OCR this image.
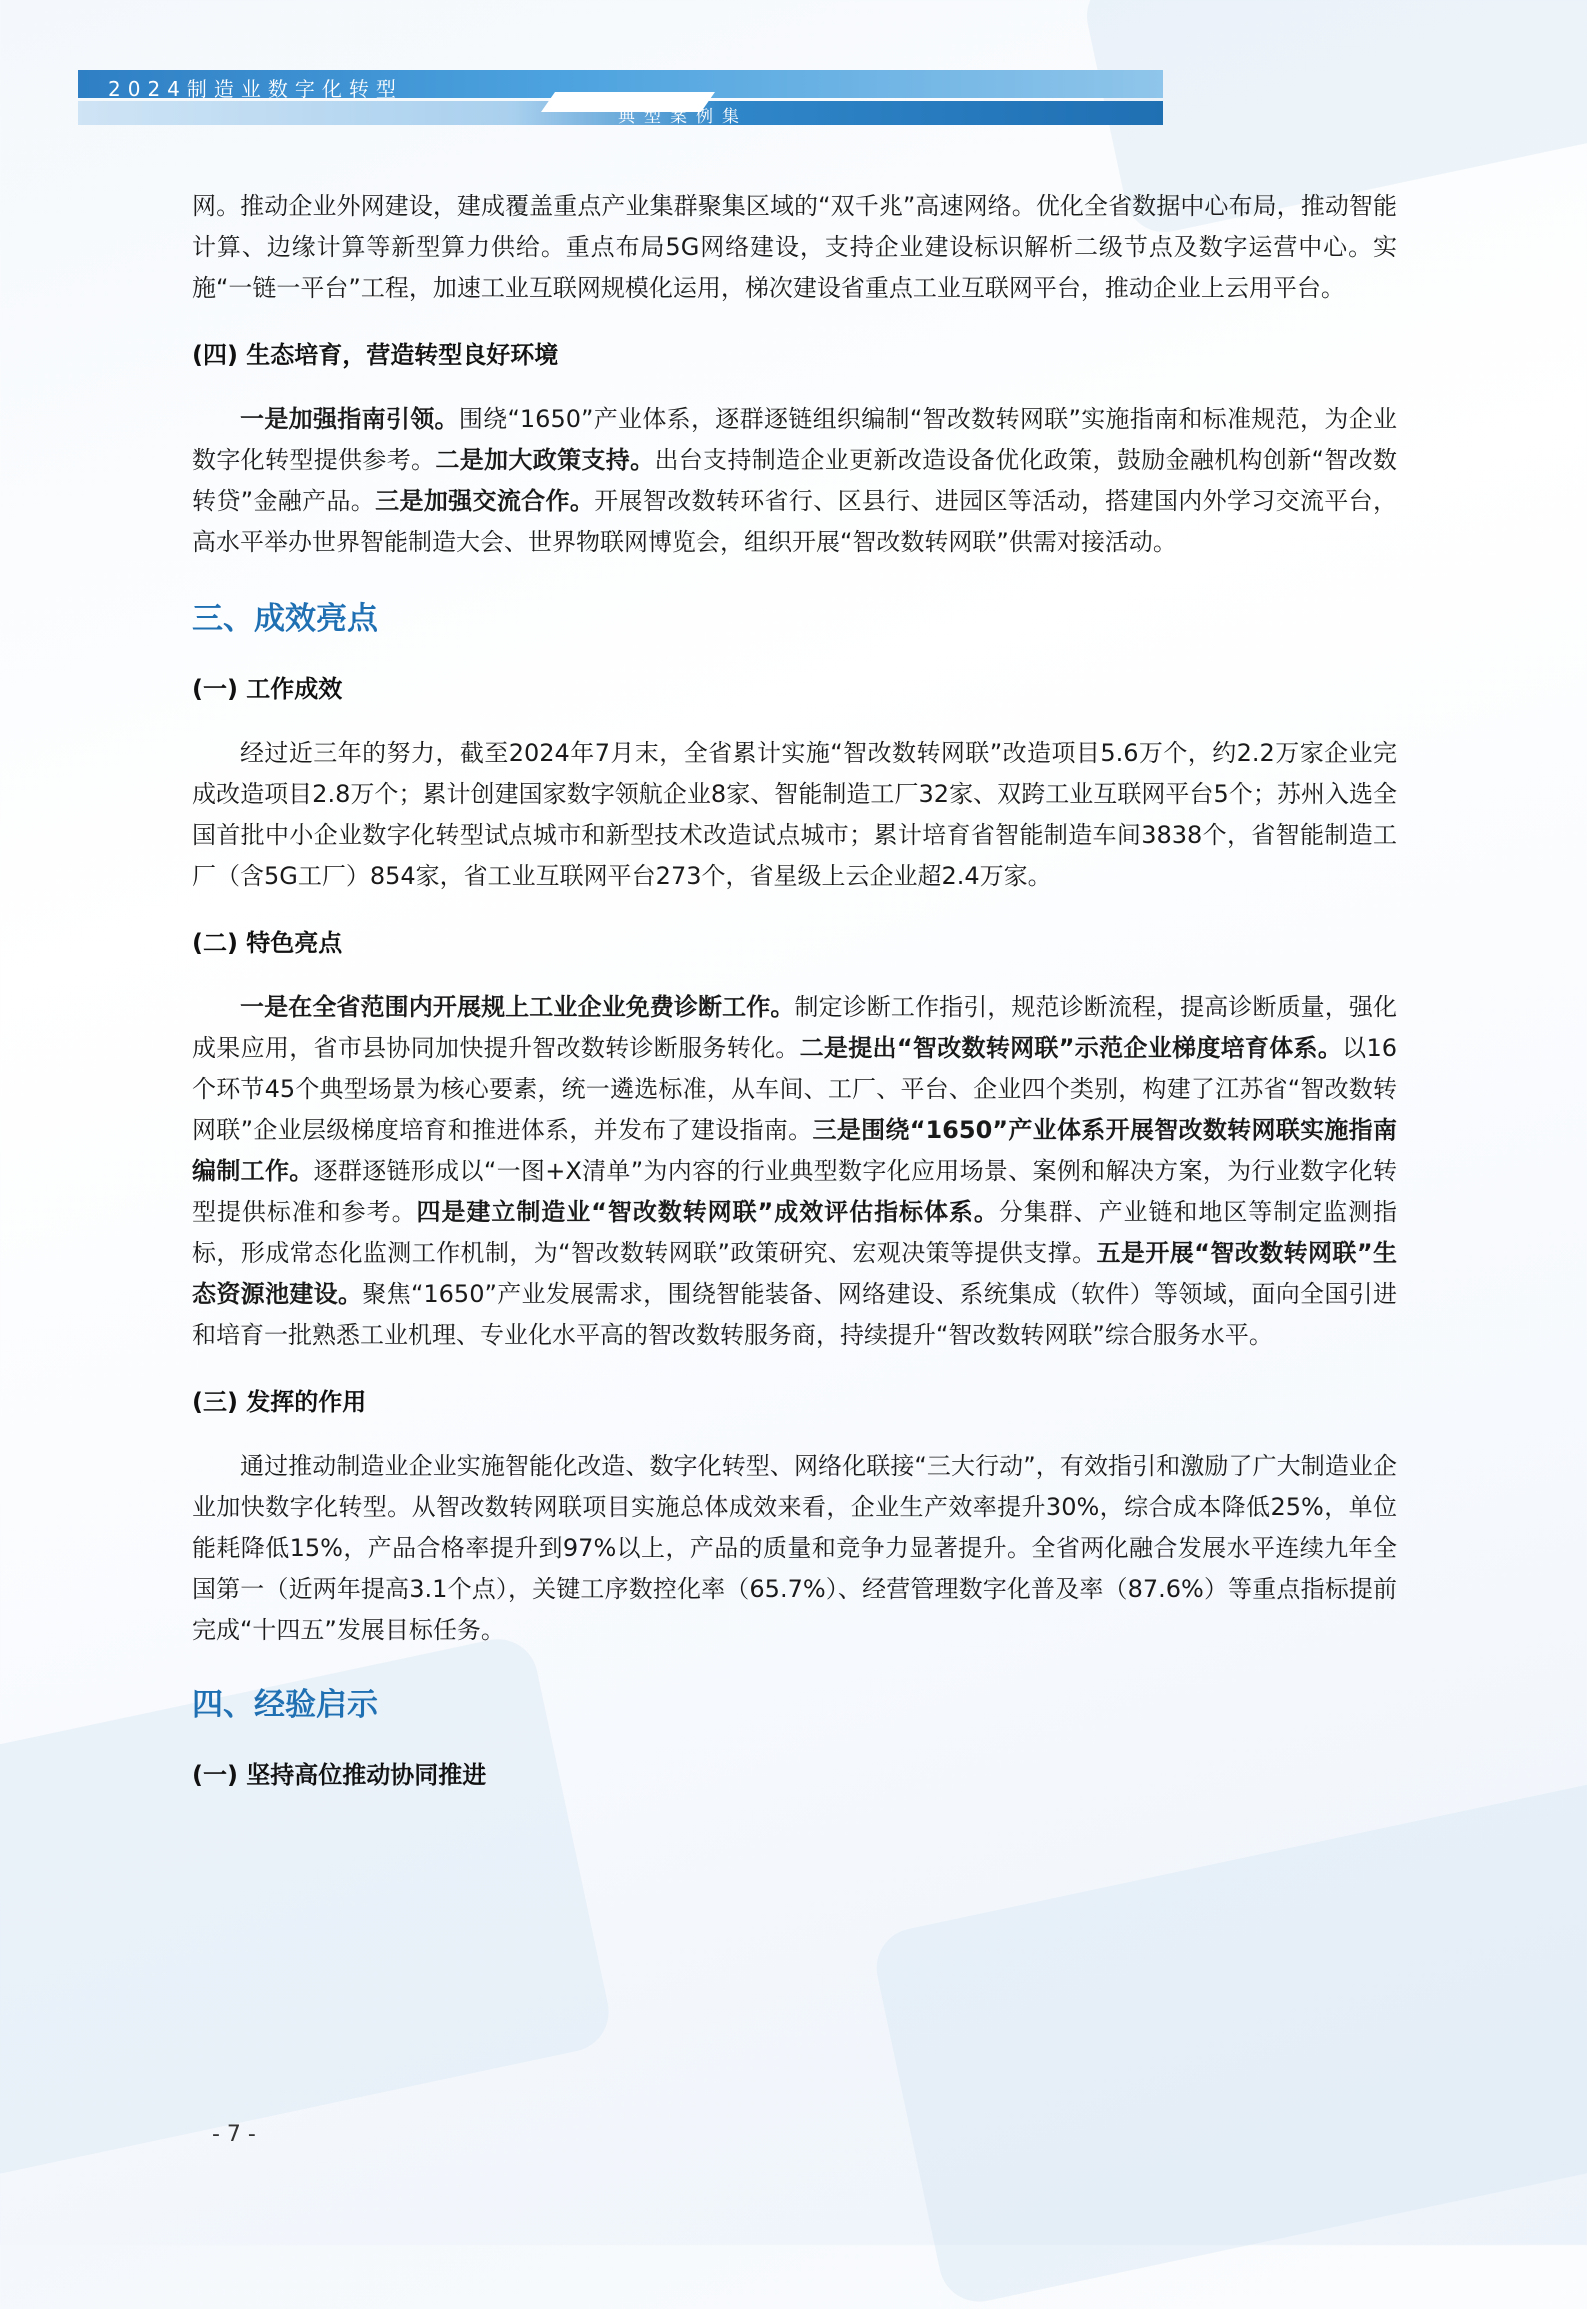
2024制造业数字化转型
典型案例集

网。推动企业外网建设，建成覆盖重点产业集群聚集区域的“双千兆”高速网络。优化全省数据中心布局，推动智能计算、边缘计算等新型算力供给。重点布局5G网络建设，支持企业建设标识解析二级节点及数字运营中心。实施“一链一平台”工程，加速工业互联网规模化运用，梯次建设省重点工业互联网平台，推动企业上云用平台。

(四) 生态培育，营造转型良好环境

一是加强指南引领。围绕“1650”产业体系，逐群逐链组织编制“智改数转网联”实施指南和标准规范，为企业数字化转型提供参考。二是加大政策支持。出台支持制造企业更新改造设备优化政策，鼓励金融机构创新“智改数转贷”金融产品。三是加强交流合作。开展智改数转环省行、区县行、进园区等活动，搭建国内外学习交流平台，高水平举办世界智能制造大会、世界物联网博览会，组织开展“智改数转网联”供需对接活动。

三、成效亮点

(一) 工作成效

经过近三年的努力，截至2024年7月末，全省累计实施“智改数转网联”改造项目5.6万个，约2.2万家企业完成改造项目2.8万个；累计创建国家数字领航企业8家、智能制造工厂32家、双跨工业互联网平台5个；苏州入选全国首批中小企业数字化转型试点城市和新型技术改造试点城市；累计培育省智能制造车间3838个，省智能制造工厂（含5G工厂）854家，省工业互联网平台273个，省星级上云企业超2.4万家。

(二) 特色亮点

一是在全省范围内开展规上工业企业免费诊断工作。制定诊断工作指引，规范诊断流程，提高诊断质量，强化成果应用，省市县协同加快提升智改数转诊断服务转化。二是提出“智改数转网联”示范企业梯度培育体系。以16个环节45个典型场景为核心要素，统一遴选标准，从车间、工厂、平台、企业四个类别，构建了江苏省“智改数转网联”企业层级梯度培育和推进体系，并发布了建设指南。三是围绕“1650”产业体系开展智改数转网联实施指南编制工作。逐群逐链形成以“一图+X清单”为内容的行业典型数字化应用场景、案例和解决方案，为行业数字化转型提供标准和参考。四是建立制造业“智改数转网联”成效评估指标体系。分集群、产业链和地区等制定监测指标，形成常态化监测工作机制，为“智改数转网联”政策研究、宏观决策等提供支撑。五是开展“智改数转网联”生态资源池建设。聚焦“1650”产业发展需求，围绕智能装备、网络建设、系统集成（软件）等领域，面向全国引进和培育一批熟悉工业机理、专业化水平高的智改数转服务商，持续提升“智改数转网联”综合服务水平。

(三) 发挥的作用

通过推动制造业企业实施智能化改造、数字化转型、网络化联接“三大行动”，有效指引和激励了广大制造业企业加快数字化转型。从智改数转网联项目实施总体成效来看，企业生产效率提升30%，综合成本降低25%，单位能耗降低15%，产品合格率提升到97%以上，产品的质量和竞争力显著提升。全省两化融合发展水平连续九年全国第一（近两年提高3.1个点），关键工序数控化率（65.7%）、经营管理数字化普及率（87.6%）等重点指标提前完成“十四五”发展目标任务。

四、经验启示

(一) 坚持高位推动协同推进

- 7 -
